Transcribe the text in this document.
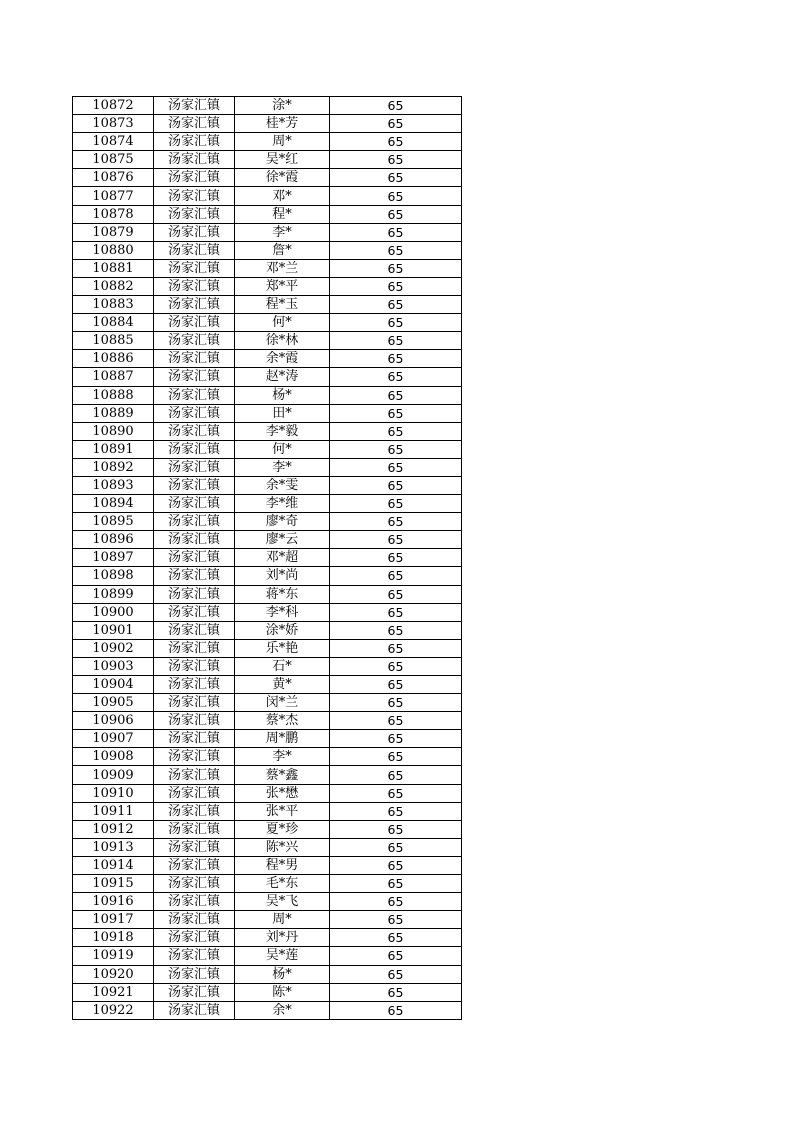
10872	汤家汇镇	涂*	65
10873	汤家汇镇	桂*芳	65
10874	汤家汇镇	周*	65
10875	汤家汇镇	吴*红	65
10876	汤家汇镇	徐*霞	65
10877	汤家汇镇	邓*	65
10878	汤家汇镇	程*	65
10879	汤家汇镇	李*	65
10880	汤家汇镇	詹*	65
10881	汤家汇镇	邓*兰	65
10882	汤家汇镇	郑*平	65
10883	汤家汇镇	程*玉	65
10884	汤家汇镇	何*	65
10885	汤家汇镇	徐*林	65
10886	汤家汇镇	余*霞	65
10887	汤家汇镇	赵*涛	65
10888	汤家汇镇	杨*	65
10889	汤家汇镇	田*	65
10890	汤家汇镇	李*毅	65
10891	汤家汇镇	何*	65
10892	汤家汇镇	李*	65
10893	汤家汇镇	余*雯	65
10894	汤家汇镇	李*维	65
10895	汤家汇镇	廖*奇	65
10896	汤家汇镇	廖*云	65
10897	汤家汇镇	邓*超	65
10898	汤家汇镇	刘*尚	65
10899	汤家汇镇	蒋*东	65
10900	汤家汇镇	李*科	65
10901	汤家汇镇	涂*娇	65
10902	汤家汇镇	乐*艳	65
10903	汤家汇镇	石*	65
10904	汤家汇镇	黄*	65
10905	汤家汇镇	闵*兰	65
10906	汤家汇镇	蔡*杰	65
10907	汤家汇镇	周*鹏	65
10908	汤家汇镇	李*	65
10909	汤家汇镇	蔡*鑫	65
10910	汤家汇镇	张*懋	65
10911	汤家汇镇	张*平	65
10912	汤家汇镇	夏*珍	65
10913	汤家汇镇	陈*兴	65
10914	汤家汇镇	程*男	65
10915	汤家汇镇	毛*东	65
10916	汤家汇镇	吴*飞	65
10917	汤家汇镇	周*	65
10918	汤家汇镇	刘*丹	65
10919	汤家汇镇	吴*莲	65
10920	汤家汇镇	杨*	65
10921	汤家汇镇	陈*	65
10922	汤家汇镇	余*	65
